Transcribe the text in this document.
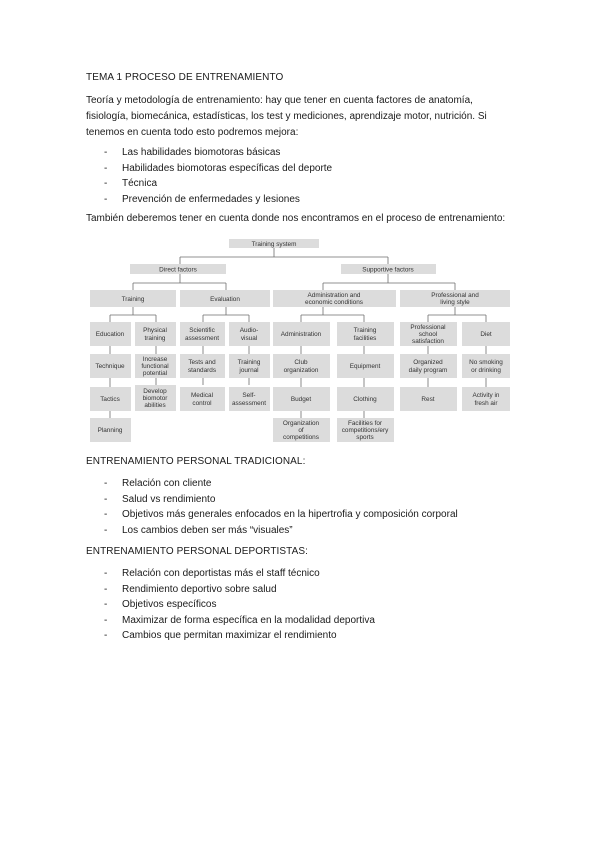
TEMA 1 PROCESO DE ENTRENAMIENTO
Teoría y metodología de entrenamiento: hay que tener en cuenta factores de anatomía, fisiología, biomecánica, estadísticas, los test y mediciones, aprendizaje motor, nutrición. Si tenemos en cuenta todo esto podremos mejora:
- Las habilidades biomotoras básicas
- Habilidades biomotoras específicas del deporte
- Técnica
- Prevención de enfermedades y lesiones
También deberemos tener en cuenta donde nos encontramos en el proceso de entrenamiento:
Training system
Direct factors	Supportive factors
Training	Evaluation
Administration and
economic conditions
Professional and
living style
Education
Physical
training
Scientific
assessment
Audio-
visual
Administration
Training
facilities
Professional
school
satisfaction
Diet
Technique
Increase
functional
potential
Tests and
standards
Training
journal
Club
organization
Equipment
Organized
daily program
No smoking
or drinking
Tactics
Develop
biomotor
abilities
Medical
control
Self-
assessment
Budget	Clothing	Rest
Activity in
fresh air
Planning
Organization
of
competitions
Facilities for
competitions/ery
sports
ENTRENAMIENTO PERSONAL TRADICIONAL:
- Relación con cliente
- Salud vs rendimiento
- Objetivos más generales enfocados en la hipertrofia y composición corporal
- Los cambios deben ser más “visuales”
ENTRENAMIENTO PERSONAL DEPORTISTAS:
- Relación con deportistas más el staff técnico
- Rendimiento deportivo sobre salud
- Objetivos específicos
- Maximizar de forma específica en la modalidad deportiva
- Cambios que permitan maximizar el rendimiento
